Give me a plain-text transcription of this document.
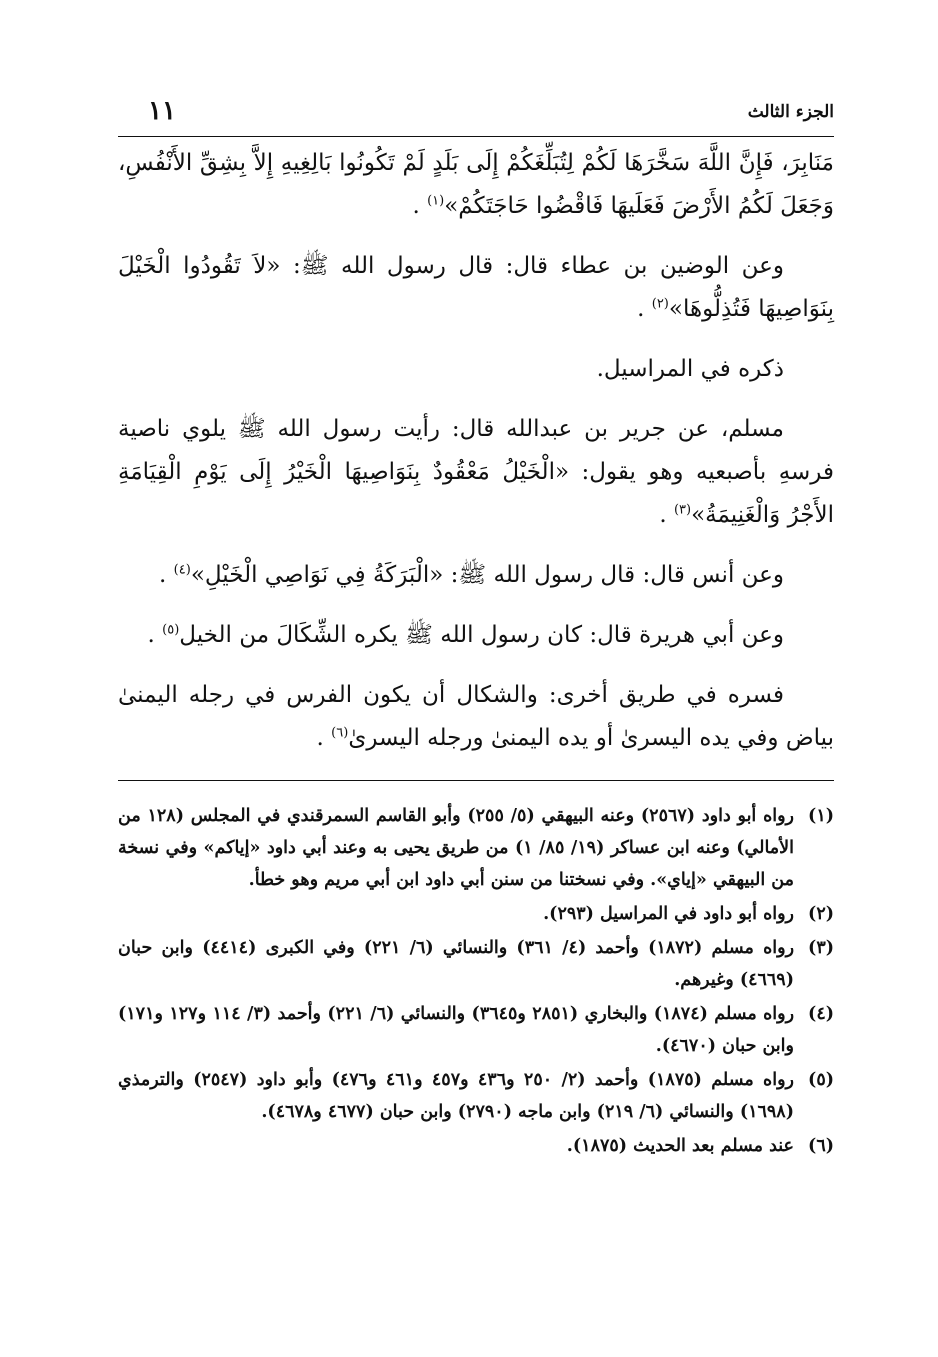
الجزء الثالث
١١

مَنَابِرَ، فَإِنَّ اللَّهَ سَخَّرَهَا لَكُمْ لِتُبَلِّغَكُمْ إِلَى بَلَدٍ لَمْ تَكُونُوا بَالِغِيهِ إِلاَّ بِشِقِّ الأَنْفُسِ، وَجَعَلَ لَكُمُ الأَرْضَ فَعَلَيهَا فَاقْضُوا حَاجَتَكُمْ»$^{(١)}$ .

وعن الوضين بن عطاء قال: قال رسول الله ﷺ: «لاَ تَقُودُوا الْخَيْلَ بِنَوَاصِيهَا فَتُذِلُّوهَا»$^{(٢)}$ .

ذكره في المراسيل.

مسلم، عن جرير بن عبدالله قال: رأيت رسول الله ﷺ يلوي ناصية فرسهِ بأصبعيه وهو يقول: «الْخَيْلُ مَعْقُودٌ بِنَوَاصِيهَا الْخَيْرُ إِلَى يَوْمِ الْقِيَامَةِ الأَجْرُ وَالْغَنِيمَةُ»$^{(٣)}$ .

وعن أنس قال: قال رسول الله ﷺ: «الْبَرَكَةُ فِي نَوَاصِي الْخَيْلِ»$^{(٤)}$ .

وعن أبي هريرة قال: كان رسول الله ﷺ يكره الشِّكَالَ من الخيل$^{(٥)}$ .

فسره في طريق أخرى: والشكال أن يكون الفرس في رجله اليمنىٰ بياض وفي يده اليسرىٰ أو يده اليمنىٰ ورجله اليسرىٰ$^{(٦)}$ .

(١)
رواه أبو داود (٢٥٦٧) وعنه البيهقي (٥/ ٢٥٥) وأبو القاسم السمرقندي في المجلس (١٢٨ من الأمالي) وعنه ابن عساكر (١٩/ ٨٥/ ١) من طريق يحيى به وعند أبي داود «إياكم» وفي نسخة من البيهقي «إياي». وفي نسختنا من سنن أبي داود ابن أبي مريم وهو خطأ.
(٢)
رواه أبو داود في المراسيل (٢٩٣).
(٣)
رواه مسلم (١٨٧٢) وأحمد (٤/ ٣٦١) والنسائي (٦/ ٢٢١) وفي الكبرى (٤٤١٤) وابن حبان (٤٦٦٩) وغيرهم.
(٤)
رواه مسلم (١٨٧٤) والبخاري (٢٨٥١ و٣٦٤٥) والنسائي (٦/ ٢٢١) وأحمد (٣/ ١١٤ و١٢٧ و١٧١) وابن حبان (٤٦٧٠).
(٥)
رواه مسلم (١٨٧٥) وأحمد (٢/ ٢٥٠ و٤٣٦ و٤٥٧ و٤٦١ و٤٧٦) وأبو داود (٢٥٤٧) والترمذي (١٦٩٨) والنسائي (٦/ ٢١٩) وابن ماجه (٢٧٩٠) وابن حبان (٤٦٧٧ و٤٦٧٨).
(٦)
عند مسلم بعد الحديث (١٨٧٥).
